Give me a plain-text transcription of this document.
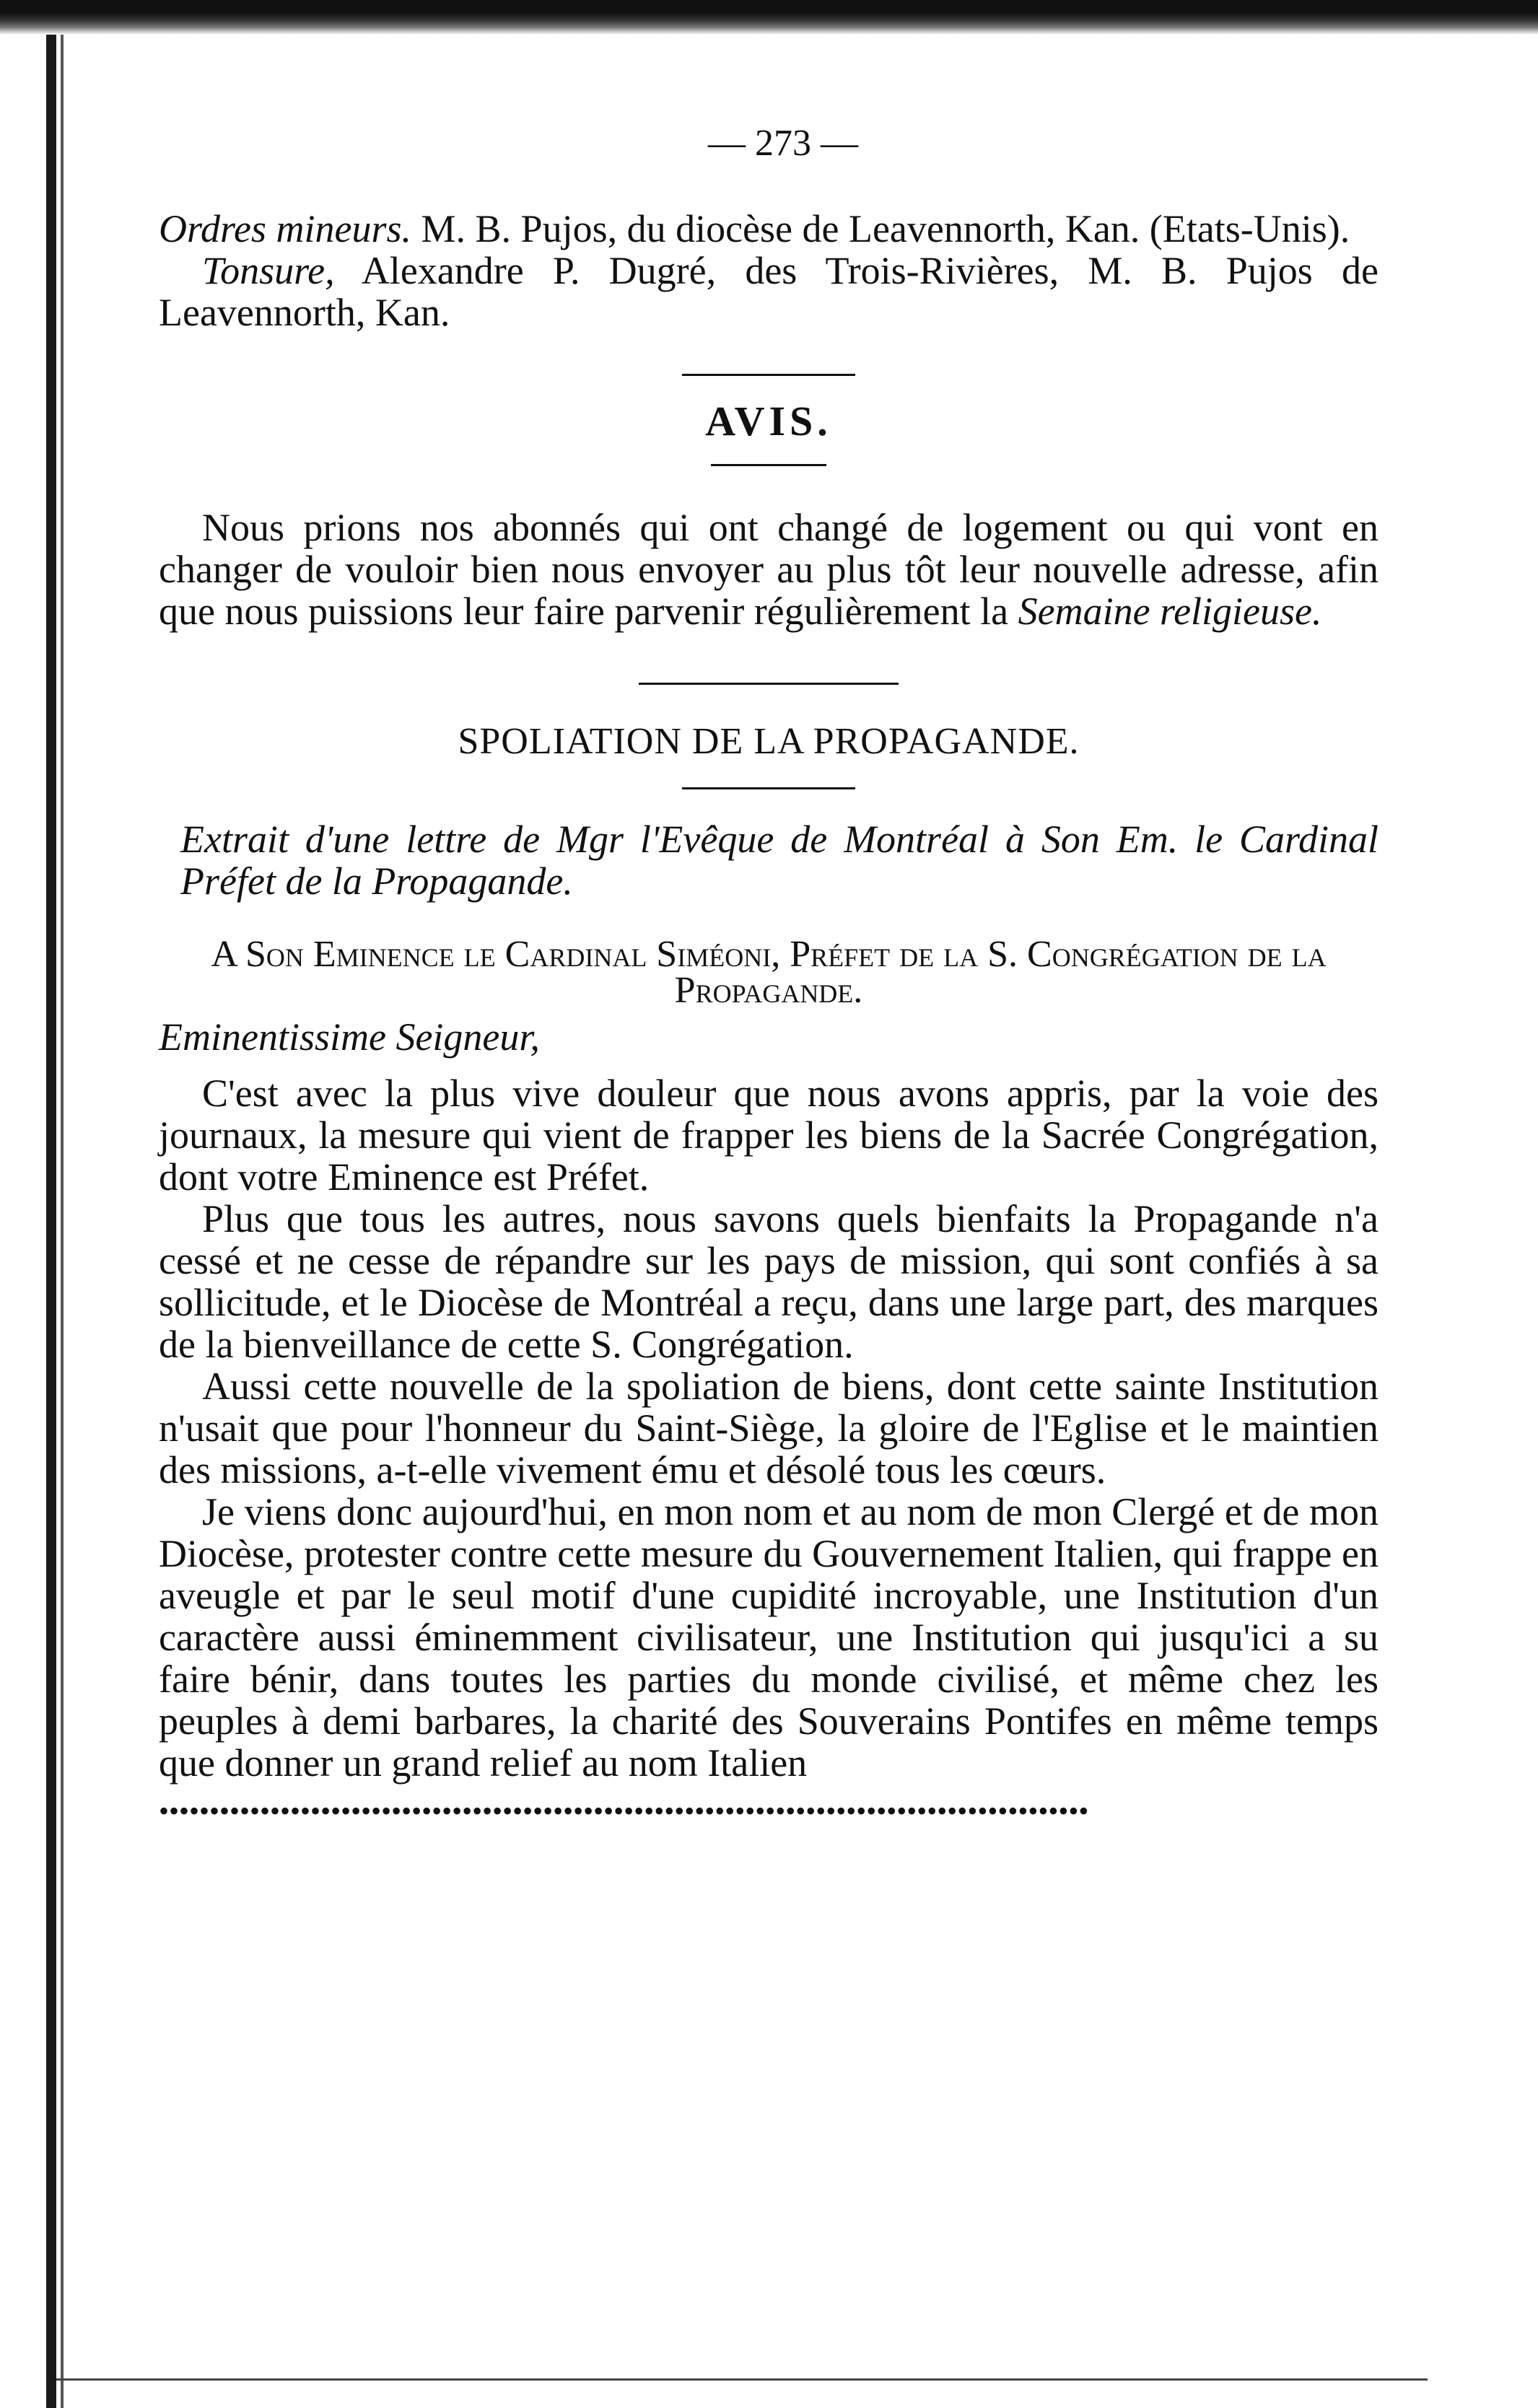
— 273 —

Ordres mineurs. M. B. Pujos, du diocèse de Leavennorth, Kan. (Etats-Unis).

Tonsure, Alexandre P. Dugré, des Trois-Rivières, M. B. Pujos de Leavennorth, Kan.

AVIS.

Nous prions nos abonnés qui ont changé de logement ou qui vont en changer de vouloir bien nous envoyer au plus tôt leur nouvelle adresse, afin que nous puissions leur faire parvenir régulièrement la Semaine religieuse.

SPOLIATION DE LA PROPAGANDE.

Extrait d'une lettre de Mgr l'Evêque de Montréal à Son Em. le Cardinal Préfet de la Propagande.

A Son Eminence le Cardinal Siméoni, Préfet de la S. Congrégation de la Propagande.
Eminentissime Seigneur,

C'est avec la plus vive douleur que nous avons appris, par la voie des journaux, la mesure qui vient de frapper les biens de la Sacrée Congrégation, dont votre Eminence est Préfet.

Plus que tous les autres, nous savons quels bienfaits la Propagande n'a cessé et ne cesse de répandre sur les pays de mission, qui sont confiés à sa sollicitude, et le Diocèse de Montréal a reçu, dans une large part, des marques de la bienveillance de cette S. Congrégation.

Aussi cette nouvelle de la spoliation de biens, dont cette sainte Institution n'usait que pour l'honneur du Saint-Siège, la gloire de l'Eglise et le maintien des missions, a-t-elle vivement ému et désolé tous les cœurs.

Je viens donc aujourd'hui, en mon nom et au nom de mon Clergé et de mon Diocèse, protester contre cette mesure du Gouvernement Italien, qui frappe en aveugle et par le seul motif d'une cupidité incroyable, une Institution d'un caractère aussi éminemment civilisateur, une Institution qui jusqu'ici a su faire bénir, dans toutes les parties du monde civilisé, et même chez les peuples à demi barbares, la charité des Souverains Pontifes en même temps que donner un grand relief au nom Italien

••••••••••••••••••••••••••••••••••••••••••••••••••••••••••••••••••••••••••••••••••••••••••••
